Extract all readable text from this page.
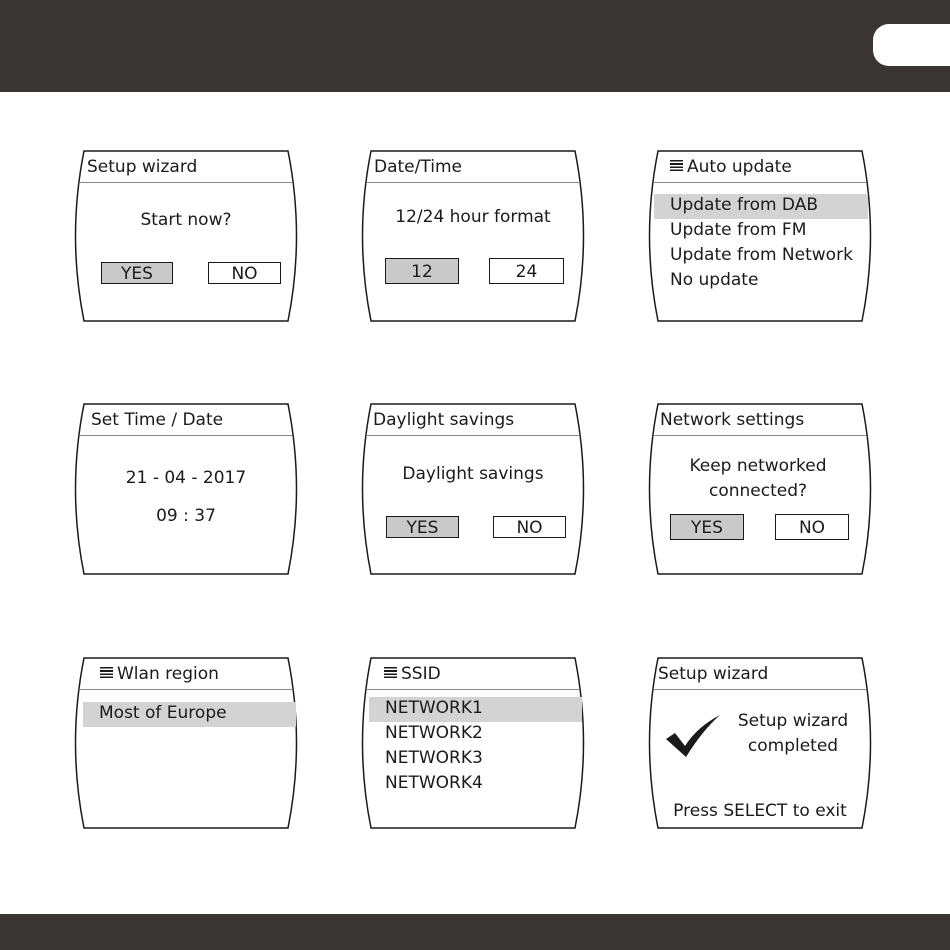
Setup wizard
Start now?
YES	NO
Date/Time
12/24 hour format
12	24
Auto update
Update from DAB
Update from FM
Update from Network
No update
Set Time / Date
21 - 04 - 2017
09 : 37
Daylight savings
Daylight savings
YES	NO
Network settings
Keep networked
connected?
YES	NO
Wlan region
Most of Europe
SSID
NETWORK1
NETWORK2
NETWORK3
NETWORK4
Setup wizard
Setup wizard
completed
Press SELECT to exit
